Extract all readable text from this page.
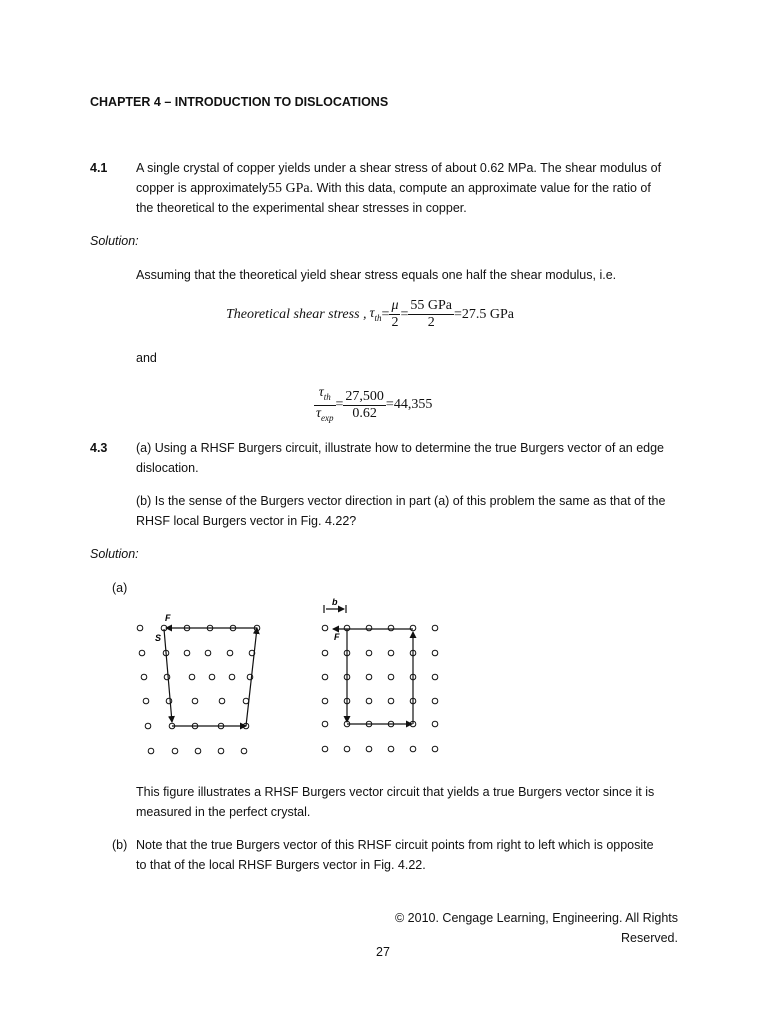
CHAPTER 4 – INTRODUCTION TO DISLOCATIONS
4.1 A single crystal of copper yields under a shear stress of about 0.62 MPa. The shear modulus of
copper is approximately55 GPa. With this data, compute an approximate value for the ratio of
the theoretical to the experimental shear stresses in copper.
Solution:
Assuming that the theoretical yield shear stress equals one half the shear modulus, i.e.
Theoretical shear stress , $\tau_{th} = \frac{\mu}{2} = \frac{\text{55 GPa}}{2} =27.5$ GPa
and
$\frac{\tau_{th}}{\tau_{exp}} = \frac{27,500}{0.62} =44,355$
4.3 (a) Using a RHSF Burgers circuit, illustrate how to determine the true Burgers vector of an edge
dislocation.
(b) Is the sense of the Burgers vector direction in part (a) of this problem the same as that of the
RHSF local Burgers vector in Fig. 4.22?
Solution:
(a)
F
S
b
F
This figure illustrates a RHSF Burgers vector circuit that yields a true Burgers vector since it is
measured in the perfect crystal.
(b) Note that the true Burgers vector of this RHSF circuit points from right to left which is opposite
to that of the local RHSF Burgers vector in Fig. 4.22.
© 2010. Cengage Learning, Engineering. All Rights
Reserved.
27
